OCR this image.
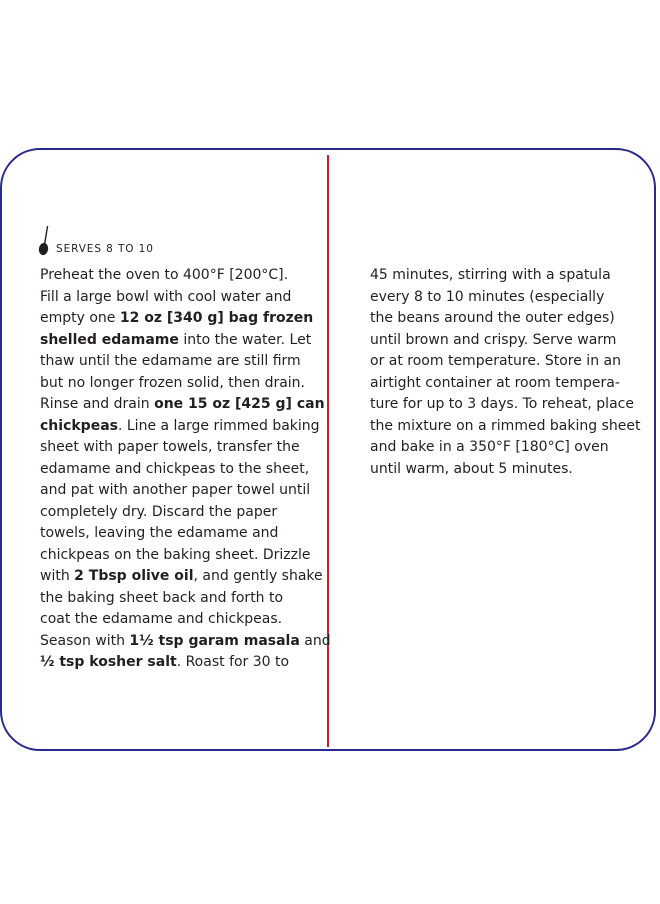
SERVES 8 TO 10
Preheat the oven to 400°F [200°C].
Fill a large bowl with cool water and
empty one 12 oz [340 g] bag frozen
shelled edamame into the water. Let
thaw until the edamame are still firm
but no longer frozen solid, then drain.
Rinse and drain one 15 oz [425 g] can
chickpeas. Line a large rimmed baking
sheet with paper towels, transfer the
edamame and chickpeas to the sheet,
and pat with another paper towel until
completely dry. Discard the paper
towels, leaving the edamame and
chickpeas on the baking sheet. Drizzle
with 2 Tbsp olive oil, and gently shake
the baking sheet back and forth to
coat the edamame and chickpeas.
Season with 1½ tsp garam masala and
½ tsp kosher salt. Roast for 30 to
45 minutes, stirring with a spatula
every 8 to 10 minutes (especially
the beans around the outer edges)
until brown and crispy. Serve warm
or at room temperature. Store in an
airtight container at room tempera-
ture for up to 3 days. To reheat, place
the mixture on a rimmed baking sheet
and bake in a 350°F [180°C] oven
until warm, about 5 minutes.
